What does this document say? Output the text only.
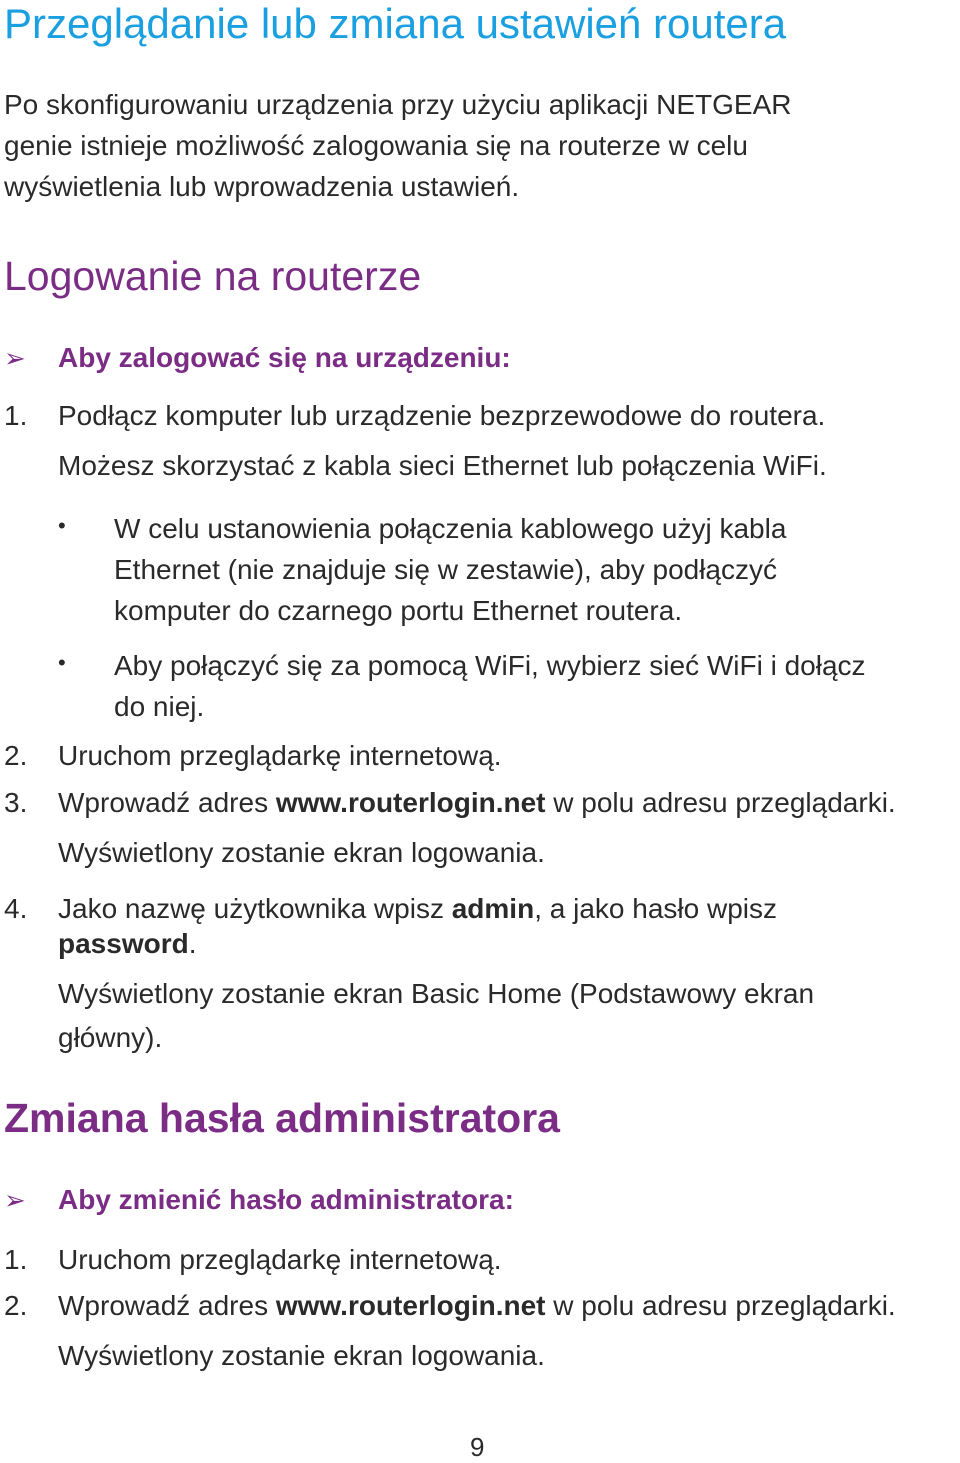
Przeglądanie lub zmiana ustawień routera
Po skonfigurowaniu urządzenia przy użyciu aplikacji NETGEAR
genie istnieje możliwość zalogowania się na routerze w celu
wyświetlenia lub wprowadzenia ustawień.
Logowanie na routerze
➢ Aby zalogować się na urządzeniu:
1. Podłącz komputer lub urządzenie bezprzewodowe do routera.
Możesz skorzystać z kabla sieci Ethernet lub połączenia WiFi.
• W celu ustanowienia połączenia kablowego użyj kabla
Ethernet (nie znajduje się w zestawie), aby podłączyć
komputer do czarnego portu Ethernet routera.
• Aby połączyć się za pomocą WiFi, wybierz sieć WiFi i dołącz
do niej.
2. Uruchom przeglądarkę internetową.
3. Wprowadź adres www.routerlogin.net w polu adresu przeglądarki.
Wyświetlony zostanie ekran logowania.
4. Jako nazwę użytkownika wpisz admin, a jako hasło wpisz
password.
Wyświetlony zostanie ekran Basic Home (Podstawowy ekran
główny).
Zmiana hasła administratora
➢ Aby zmienić hasło administratora:
1. Uruchom przeglądarkę internetową.
2. Wprowadź adres www.routerlogin.net w polu adresu przeglądarki.
Wyświetlony zostanie ekran logowania.
9
